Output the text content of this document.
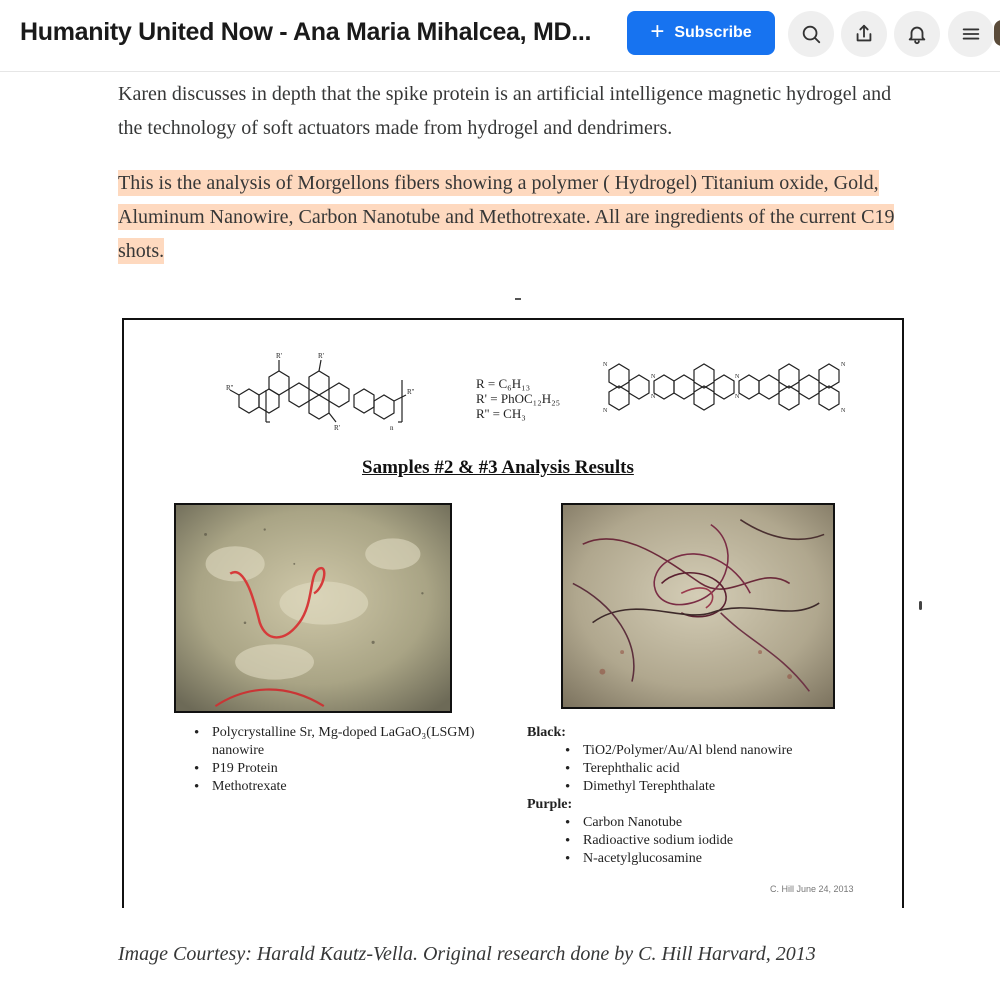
Humanity United Now - Ana Maria Mihalcea, MD... + Subscribe

Karen discusses in depth that the spike protein is an artificial intelligence magnetic hydrogel and the technology of soft actuators made from hydrogel and dendrimers.

This is the analysis of Morgellons fibers showing a polymer ( Hydrogel) Titanium oxide, Gold, Aluminum Nanowire, Carbon Nanotube and Methotrexate. All are ingredients of the current C19 shots.

R'	R'
R''
R'
R''
n
R = C₆H₁₃
R' = PhOC₁₂H₂₅
R'' = CH₃
N
N
N
N
N
N
N
N
Samples #2 & #3 Analysis Results
• Polycrystalline Sr, Mg-doped LaGaO₃(LSGM) nanowire
• P19 Protein
• Methotrexate
Black:
• TiO2/Polymer/Au/Al blend nanowire
• Terephthalic acid
• Dimethyl Terephthalate
Purple:
• Carbon Nanotube
• Radioactive sodium iodide
• N-acetylglucosamine
C. Hill June 24, 2013
Image Courtesy: Harald Kautz-Vella. Original research done by C. Hill Harvard, 2013
